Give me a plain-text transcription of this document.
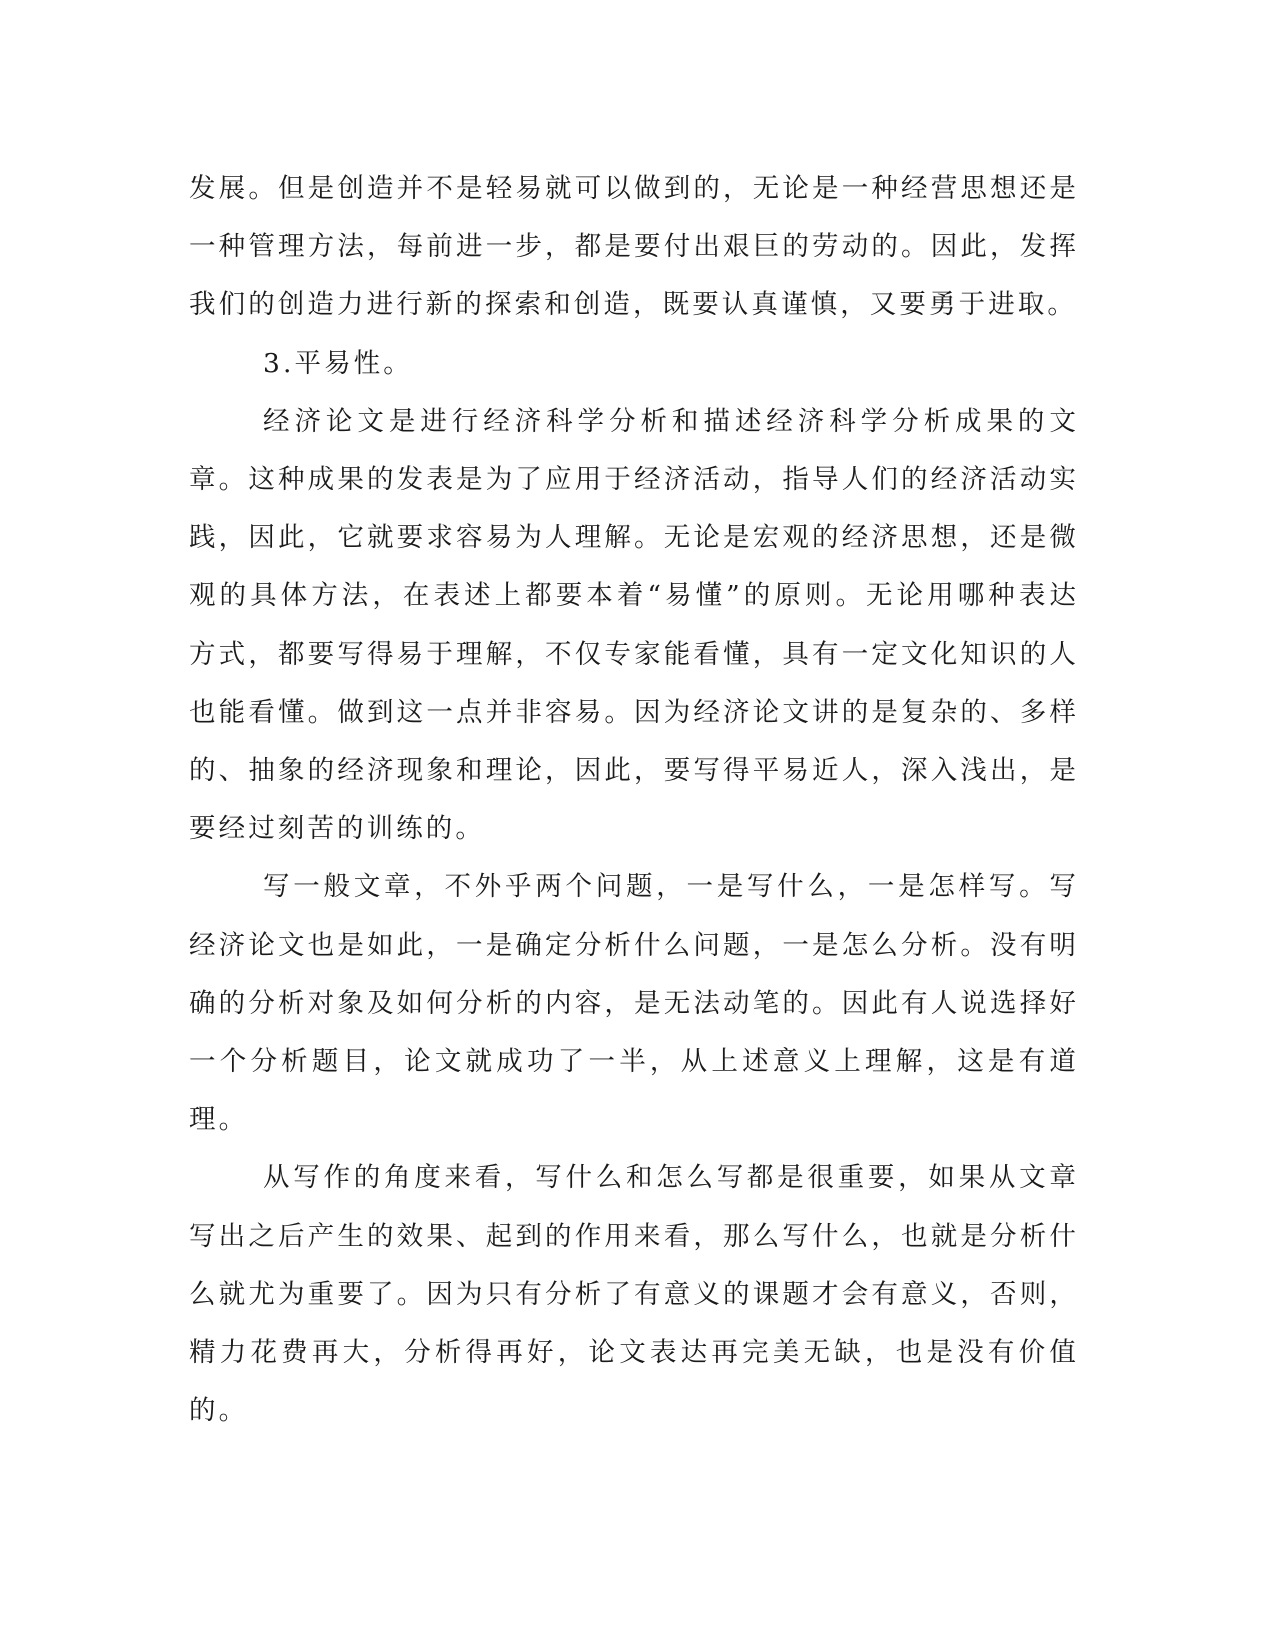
发展。但是创造并不是轻易就可以做到的，无论是一种经营思想还是一种管理方法，每前进一步，都是要付出艰巨的劳动的。因此，发挥我们的创造力进行新的探索和创造，既要认真谨慎，又要勇于进取。

3.平易性。

经济论文是进行经济科学分析和描述经济科学分析成果的文章。这种成果的发表是为了应用于经济活动，指导人们的经济活动实践，因此，它就要求容易为人理解。无论是宏观的经济思想，还是微观的具体方法，在表述上都要本着“易懂”的原则。无论用哪种表达方式，都要写得易于理解，不仅专家能看懂，具有一定文化知识的人也能看懂。做到这一点并非容易。因为经济论文讲的是复杂的、多样的、抽象的经济现象和理论，因此，要写得平易近人，深入浅出，是要经过刻苦的训练的。

写一般文章，不外乎两个问题，一是写什么，一是怎样写。写经济论文也是如此，一是确定分析什么问题，一是怎么分析。没有明确的分析对象及如何分析的内容，是无法动笔的。因此有人说选择好一个分析题目，论文就成功了一半，从上述意义上理解，这是有道理。

从写作的角度来看，写什么和怎么写都是很重要，如果从文章写出之后产生的效果、起到的作用来看，那么写什么，也就是分析什么就尤为重要了。因为只有分析了有意义的课题才会有意义，否则，精力花费再大，分析得再好，论文表达再完美无缺，也是没有价值的。
